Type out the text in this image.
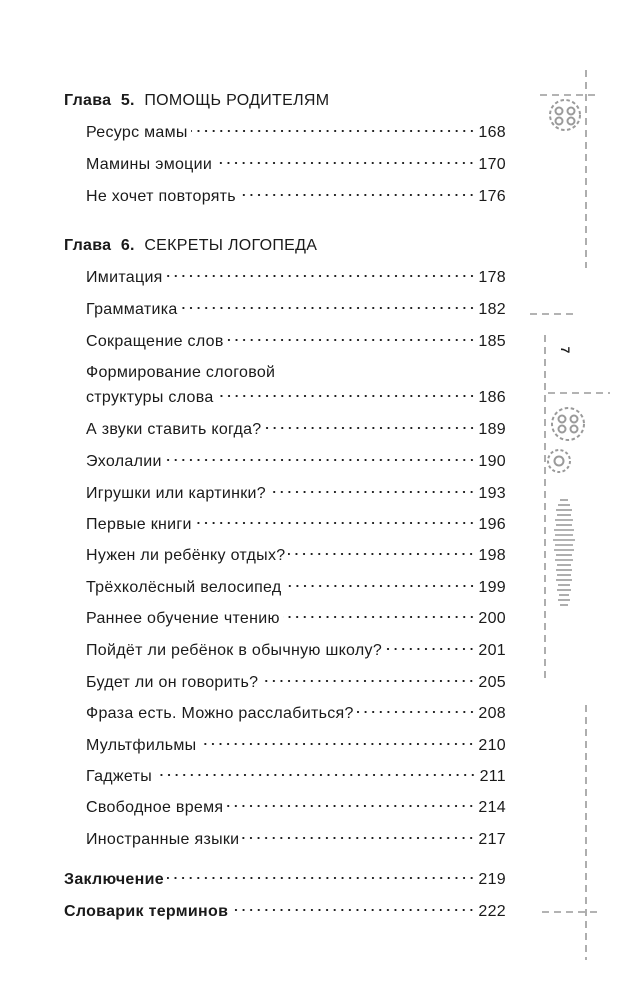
Глава 5. ПОМОЩЬ РОДИТЕЛЯМ
Ресурс мамы	168
Мамины эмоции	170
Не хочет повторять	176
Глава 6. СЕКРЕТЫ ЛОГОПЕДА
Имитация	178
Грамматика	182
Сокращение слов	185
Формирование слоговой
структуры слова	186
А звуки ставить когда?	189
Эхолалии	190
Игрушки или картинки?	193
Первые книги	196
Нужен ли ребёнку отдых?	198
Трёхколёсный велосипед	199
Раннее обучение чтению	200
Пойдёт ли ребёнок в обычную школу?	201
Будет ли он говорить?	205
Фраза есть. Можно расслабиться?	208
Мультфильмы	210
Гаджеты	211
Свободное время	214
Иностранные языки	217
Заключение	219
Словарик терминов	222
7
